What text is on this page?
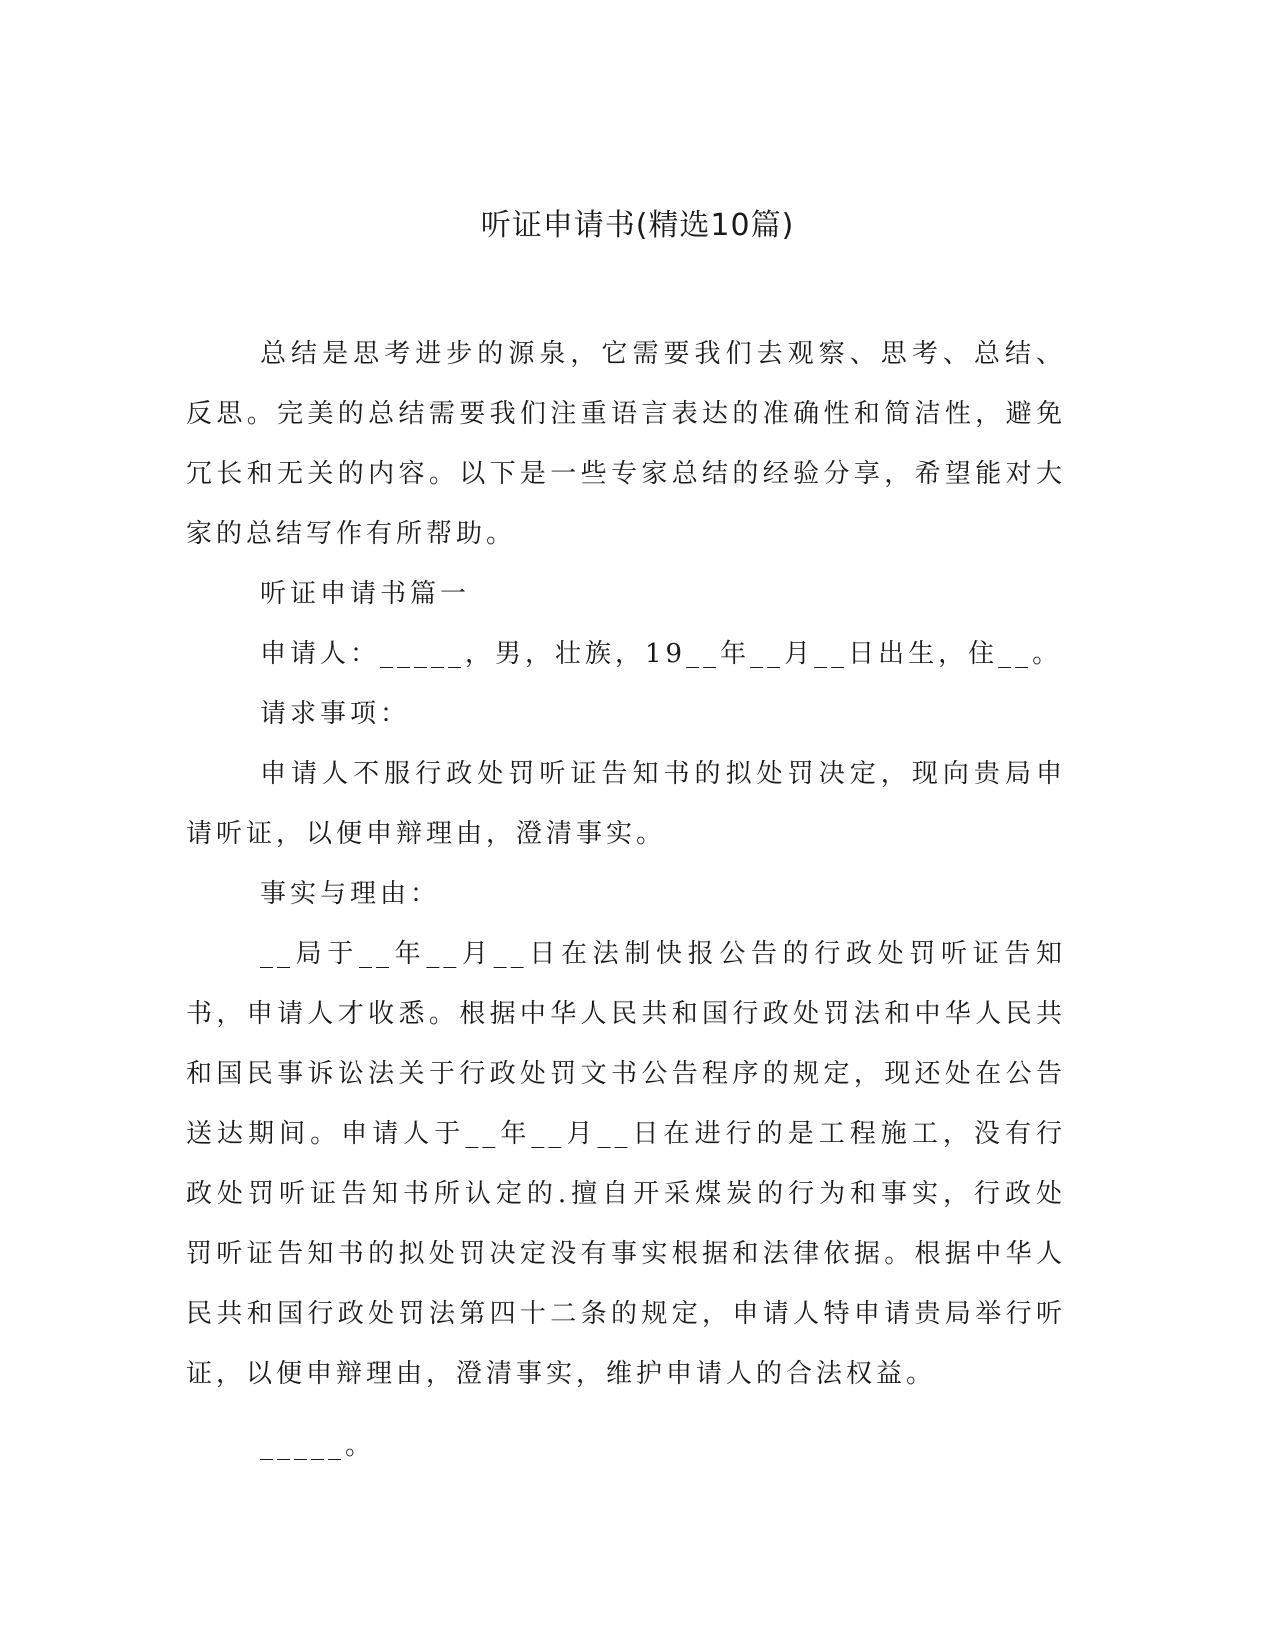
听证申请书(精选10篇)

总结是思考进步的源泉，它需要我们去观察、思考、总结、反思。完美的总结需要我们注重语言表达的准确性和简洁性，避免冗长和无关的内容。以下是一些专家总结的经验分享，希望能对大家的总结写作有所帮助。

听证申请书篇一

申请人：_____，男，壮族，19__年__月__日出生，住__。

请求事项：

申请人不服行政处罚听证告知书的拟处罚决定，现向贵局申请听证，以便申辩理由，澄清事实。

事实与理由：

__局于__年__月__日在法制快报公告的行政处罚听证告知书，申请人才收悉。根据中华人民共和国行政处罚法和中华人民共和国民事诉讼法关于行政处罚文书公告程序的规定，现还处在公告送达期间。申请人于__年__月__日在进行的是工程施工，没有行政处罚听证告知书所认定的.擅自开采煤炭的行为和事实，行政处罚听证告知书的拟处罚决定没有事实根据和法律依据。根据中华人民共和国行政处罚法第四十二条的规定，申请人特申请贵局举行听证，以便申辩理由，澄清事实，维护申请人的合法权益。

_____。
